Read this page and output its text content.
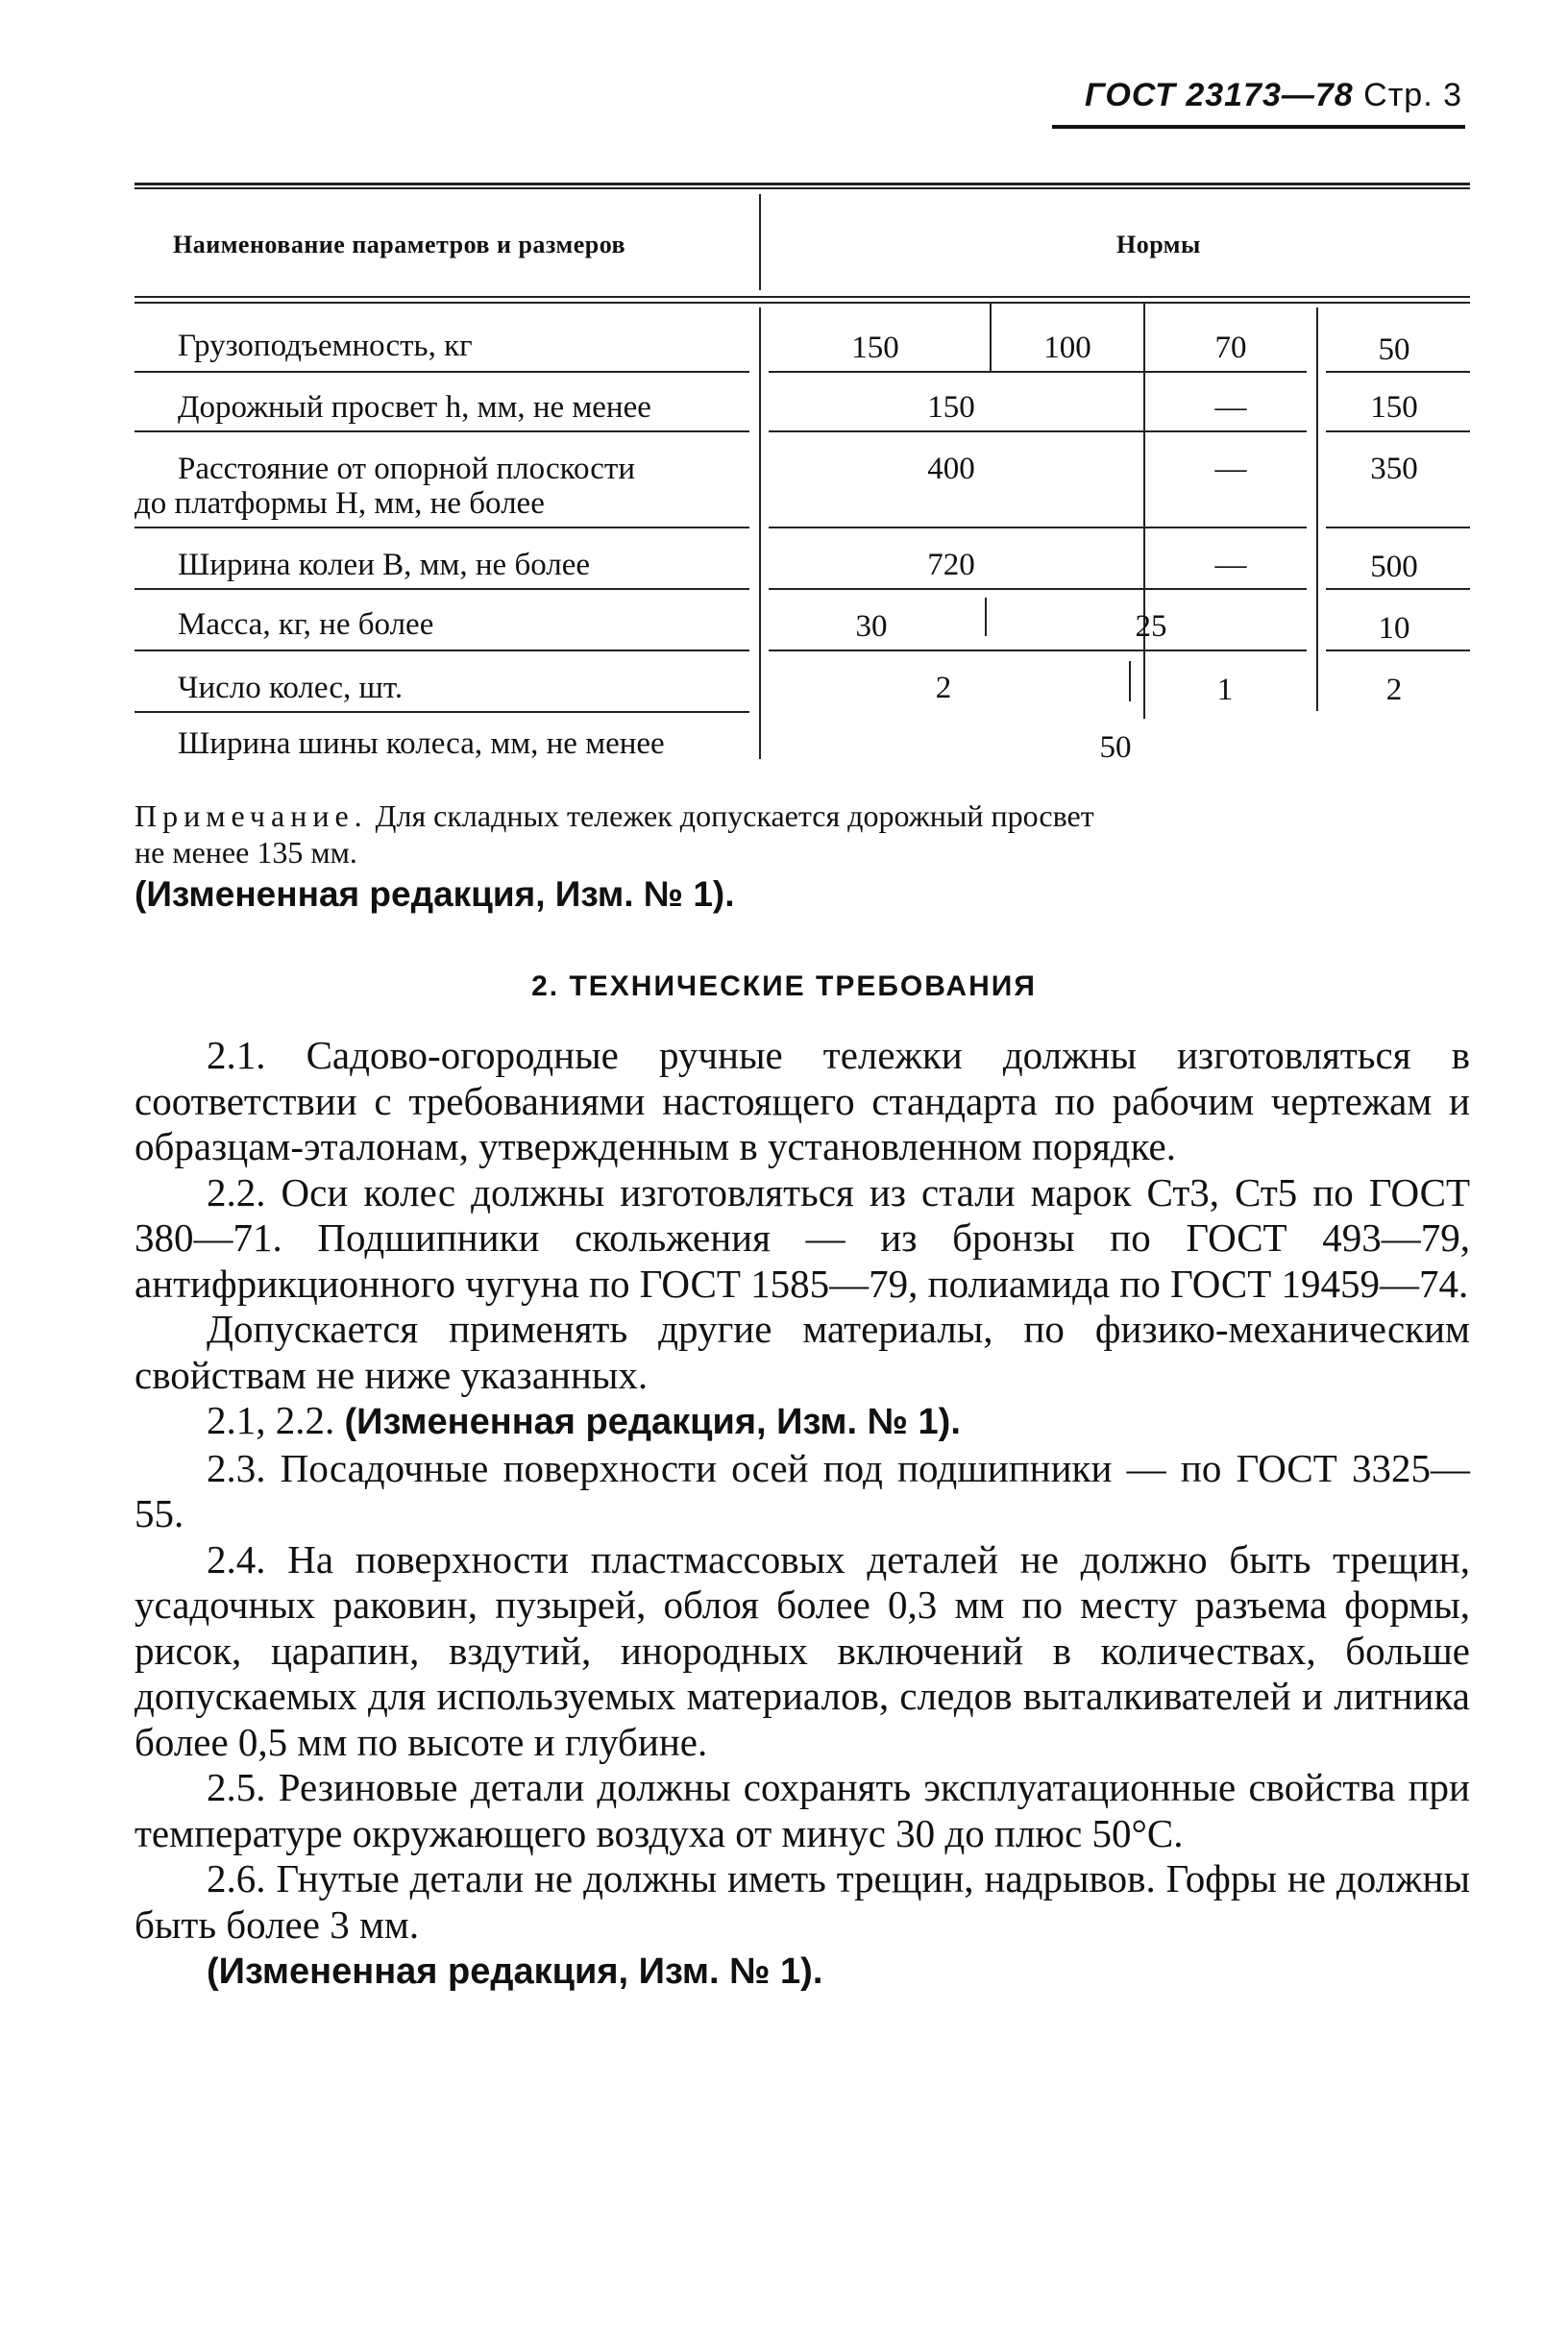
ГОСТ 23173—78 Стр. 3
Наименование параметров и размеров	Нормы
Грузоподъемность, кг	150	100	70	50
Дорожный просвет h, мм, не менее	150	—	150
Расстояние от опорной плоскости
до платформы H, мм, не более
400	—	350
Ширина колеи B, мм, не более	720	—	500
Масса, кг, не более	30	25	10
Число колес, шт.	2	1	2
Ширина шины колеса, мм, не менее	50
Примечание. Для складных тележек допускается дорожный просвет
не менее 135 мм.
(Измененная редакция, Изм. № 1).
2. ТЕХНИЧЕСКИЕ ТРЕБОВАНИЯ

2.1. Садово-огородные ручные тележки должны изготовляться в соответствии с требованиями настоящего стандарта по рабочим чертежам и образцам-эталонам, утвержденным в установленном порядке.

2.2. Оси колес должны изготовляться из стали марок Ст3, Ст5 по ГОСТ 380—71. Подшипники скольжения — из бронзы по ГОСТ 493—79, антифрикционного чугуна по ГОСТ 1585—79, полиамида по ГОСТ 19459—74.

Допускается применять другие материалы, по физико-механическим свойствам не ниже указанных.

2.1, 2.2. (Измененная редакция, Изм. № 1).

2.3. Посадочные поверхности осей под подшипники — по ГОСТ 3325—55.

2.4. На поверхности пластмассовых деталей не должно быть трещин, усадочных раковин, пузырей, облоя более 0,3 мм по месту разъема формы, рисок, царапин, вздутий, инородных включений в количествах, больше допускаемых для используемых материалов, следов выталкивателей и литника более 0,5 мм по высоте и глубине.

2.5. Резиновые детали должны сохранять эксплуатационные свойства при температуре окружающего воздуха от минус 30 до плюс 50°С.

2.6. Гнутые детали не должны иметь трещин, надрывов. Гофры не должны быть более 3 мм.

(Измененная редакция, Изм. № 1).
